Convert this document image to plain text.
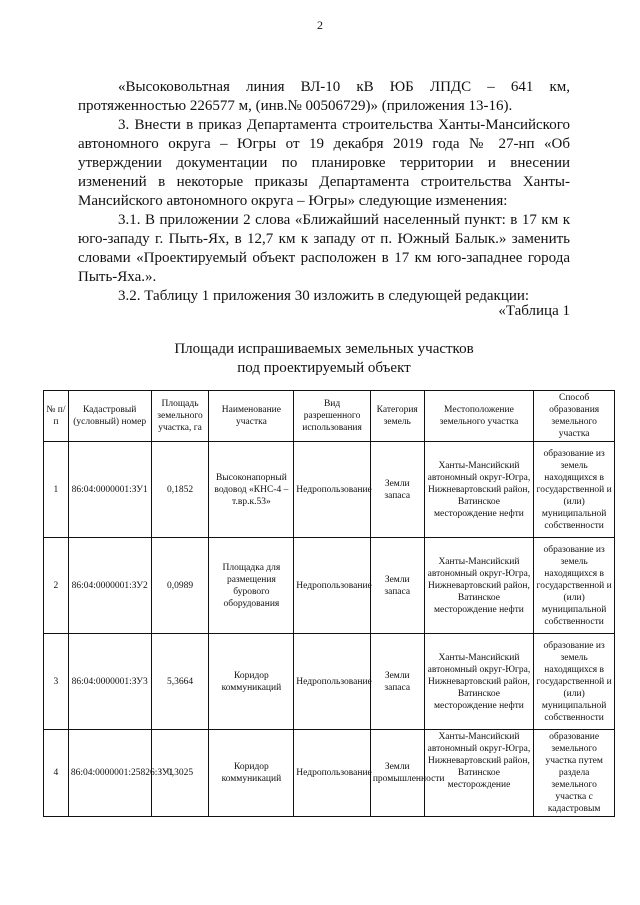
2

«Высоковольтная линия ВЛ-10 кВ ЮБ ЛПДС – 641 км,

протяженностью 226577 м, (инв.№ 00506729)» (приложения 13-16).

3. Внести в приказ Департамента строительства Ханты-Мансийского автономного округа – Югры от 19 декабря 2019 года № 27-нп «Об утверждении документации по планировке территории и внесении изменений в некоторые приказы Департамента строительства Ханты-Мансийского автономного округа – Югры» следующие изменения:

3.1. В приложении 2 слова «Ближайший населенный пункт: в 17 км к юго-западу г. Пыть-Ях, в 12,7 км к западу от п. Южный Балык.» заменить словами «Проектируемый объект расположен в 17 км юго-западнее города Пыть-Яха.».

3.2. Таблицу 1 приложения 30 изложить в следующей редакции:

«Таблица 1
Площади испрашиваемых земельных участков
под проектируемый объект
№ п/п	Кадастровый (условный) номер	Площадь земельного участка, га	Наименование участка	Вид разрешенного использования	Категория земель	Местоположение земельного участка	Способ образования земельного участка
1	86:04:0000001:ЗУ1	0,1852	Высоконапорный водовод «КНС-4 – т.вр.к.53»	Недропользование	Земли запаса	Ханты-Мансийский автономный округ-Югра, Нижневартовский район, Ватинское месторождение нефти	образование из земель находящихся в государственной и (или) муниципальной собственности
2	86:04:0000001:ЗУ2	0,0989	Площадка для размещения бурового оборудования	Недропользование	Земли запаса	Ханты-Мансийский автономный округ-Югра, Нижневартовский район, Ватинское месторождение нефти	образование из земель находящихся в государственной и (или) муниципальной собственности
3	86:04:0000001:ЗУ3	5,3664	Коридор коммуникаций	Недропользование	Земли запаса	Ханты-Мансийский автономный округ-Югра, Нижневартовский район, Ватинское месторождение нефти	образование из земель находящихся в государственной и (или) муниципальной собственности
4	86:04:0000001:25826:ЗУ1	0,3025	Коридор коммуникаций	Недропользование	Земли промышленности	Ханты-Мансийский автономный округ-Югра, Нижневартовский район, Ватинское месторождение	образование земельного участка путем раздела земельного участка с кадастровым
